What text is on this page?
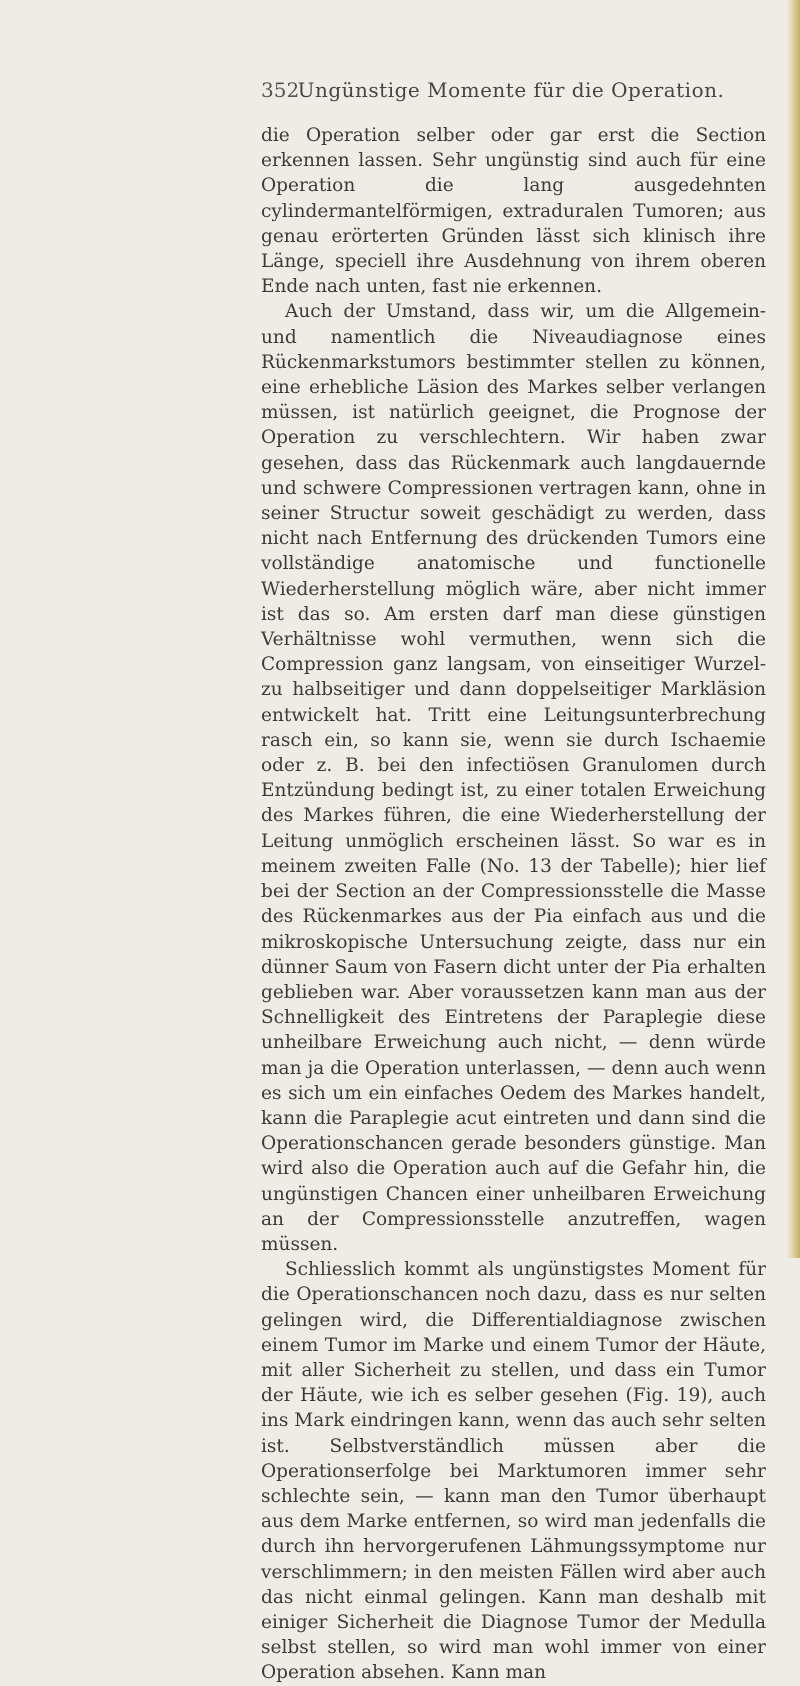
352
Ungünstige Momente für die Operation.

die Operation selber oder gar erst die Section erkennen lassen. Sehr ungünstig sind auch für eine Operation die lang ausgedehnten cylindermantelförmigen, extraduralen Tumoren; aus genau erörterten Gründen lässt sich klinisch ihre Länge, speciell ihre Ausdehnung von ihrem oberen Ende nach unten, fast nie erkennen.

Auch der Umstand, dass wir, um die Allgemein- und namentlich die Niveaudiagnose eines Rückenmarkstumors bestimmter stellen zu können, eine erhebliche Läsion des Markes selber verlangen müssen, ist natürlich geeignet, die Prognose der Operation zu verschlechtern. Wir haben zwar gesehen, dass das Rückenmark auch langdauernde und schwere Compressionen vertragen kann, ohne in seiner Structur soweit geschädigt zu werden, dass nicht nach Entfernung des drückenden Tumors eine vollständige anatomische und functionelle Wiederherstellung möglich wäre, aber nicht immer ist das so. Am ersten darf man diese günstigen Verhältnisse wohl vermuthen, wenn sich die Compression ganz langsam, von einseitiger Wurzel- zu halbseitiger und dann doppelseitiger Markläsion entwickelt hat. Tritt eine Leitungsunterbrechung rasch ein, so kann sie, wenn sie durch Ischaemie oder z. B. bei den infectiösen Granulomen durch Entzündung bedingt ist, zu einer totalen Erweichung des Markes führen, die eine Wiederherstellung der Leitung unmöglich erscheinen lässt. So war es in meinem zweiten Falle (No. 13 der Tabelle); hier lief bei der Section an der Compressionsstelle die Masse des Rückenmarkes aus der Pia einfach aus und die mikroskopische Untersuchung zeigte, dass nur ein dünner Saum von Fasern dicht unter der Pia erhalten geblieben war. Aber voraussetzen kann man aus der Schnelligkeit des Eintretens der Paraplegie diese unheilbare Erweichung auch nicht, — denn würde man ja die Operation unterlassen, — denn auch wenn es sich um ein einfaches Oedem des Markes handelt, kann die Paraplegie acut eintreten und dann sind die Operationschancen gerade besonders günstige. Man wird also die Operation auch auf die Gefahr hin, die ungünstigen Chancen einer unheilbaren Erweichung an der Compressionsstelle anzutreffen, wagen müssen.

Schliesslich kommt als ungünstigstes Moment für die Operationschancen noch dazu, dass es nur selten gelingen wird, die Differentialdiagnose zwischen einem Tumor im Marke und einem Tumor der Häute, mit aller Sicherheit zu stellen, und dass ein Tumor der Häute, wie ich es selber gesehen (Fig. 19), auch ins Mark eindringen kann, wenn das auch sehr selten ist. Selbstverständlich müssen aber die Operationserfolge bei Marktumoren immer sehr schlechte sein, — kann man den Tumor überhaupt aus dem Marke entfernen, so wird man jedenfalls die durch ihn hervorgerufenen Lähmungssymptome nur verschlimmern; in den meisten Fällen wird aber auch das nicht einmal gelingen. Kann man deshalb mit einiger Sicherheit die Diagnose Tumor der Medulla selbst stellen, so wird man wohl immer von einer Operation absehen. Kann man
